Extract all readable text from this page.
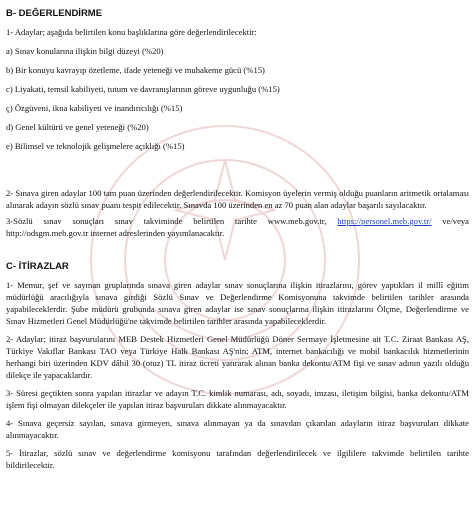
B- DEĞERLENDİRME

1- Adaylar; aşağıda belirtilen konu başlıklarına göre değerlendirilecektir:

a) Sınav konularına ilişkin bilgi düzeyi (%20)

b) Bir konuyu kavrayıp özetleme, ifade yeteneği ve muhakeme gücü (%15)

c) Liyakati, temsil kabiliyeti, tutum ve davranışlarının göreve uygunluğu (%15)

ç) Özgüveni, ikna kabiliyeti ve inandırıcılığı (%15)

d) Genel kültürü ve genel yeteneği (%20)

e) Bilimsel ve teknolojik gelişmelere açıklığı (%15)

2- Sınava giren adaylar 100 tam puan üzerinden değerlendirilecektir. Komisyon üyelerin vermiş olduğu puanların aritmetik ortalaması alınarak adayın sözlü sınav puanı tespit edilecektir. Sınavda 100 üzerinden en az 70 puan alan adaylar başarılı sayılacaktır.

3-Sözlü sınav sonuçları sınav takviminde belirtilen tarihte www.meb.gov.tr, https://personel.meb.gov.tr/ ve/veya http://odsgm.meb.gov.tr internet adreslerinden yayımlanacaktır.

C- İTİRAZLAR

1- Memur, şef ve sayman gruplarında sınava giren adaylar sınav sonuçlarına ilişkin itirazlarını, görev yaptıkları il millî eğitim müdürlüğü aracılığıyla sınava girdiği Sözlü Sınav ve Değerlendirme Komisyonuna takvimde belirtilen tarihler arasında yapabileceklerdir. Şube müdürü grubunda sınava giren adaylar ise sınav sonuçlarına ilişkin itirazlarını Ölçme, Değerlendirme ve Sınav Hizmetleri Genel Müdürlüğü'ne takvimde belirtilen tarihler arasında yapabileceklerdir.

2- Adaylar; itiraz başvurularını MEB Destek Hizmetleri Genel Müdürlüğü Döner Sermaye İşletmesine ait T.C. Ziraat Bankası AŞ, Türkiye Vakıflar Bankası TAO veya Türkiye Halk Bankası AŞ'nin; ATM, internet bankacılığı ve mobil bankacılık hizmetlerinin herhangi biri üzerinden KDV dâhil 30 (otuz) TL itiraz ücreti yatırarak alınan banka dekontu/ATM fişi ve sınav adının yazılı olduğu dilekçe ile yapacaklardır.

3- Süresi geçtikten sonra yapılan itirazlar ve adayın T.C. kimlik numarası, adı, soyadı, imzası, iletişim bilgisi, banka dekontu/ATM işlem fişi olmayan dilekçeler ile yapılan itiraz başvuruları dikkate alınmayacaktır.

4- Sınava geçersiz sayılan, sınava girmeyen, sınava alınmayan ya da sınavdan çıkarılan adayların itiraz başvuruları dikkate alınmayacaktır.

5- İtirazlar, sözlü sınav ve değerlendirme komisyonu tarafından değerlendirilecek ve ilgililere takvimde belirtilen tarihte bildirilecektir.
